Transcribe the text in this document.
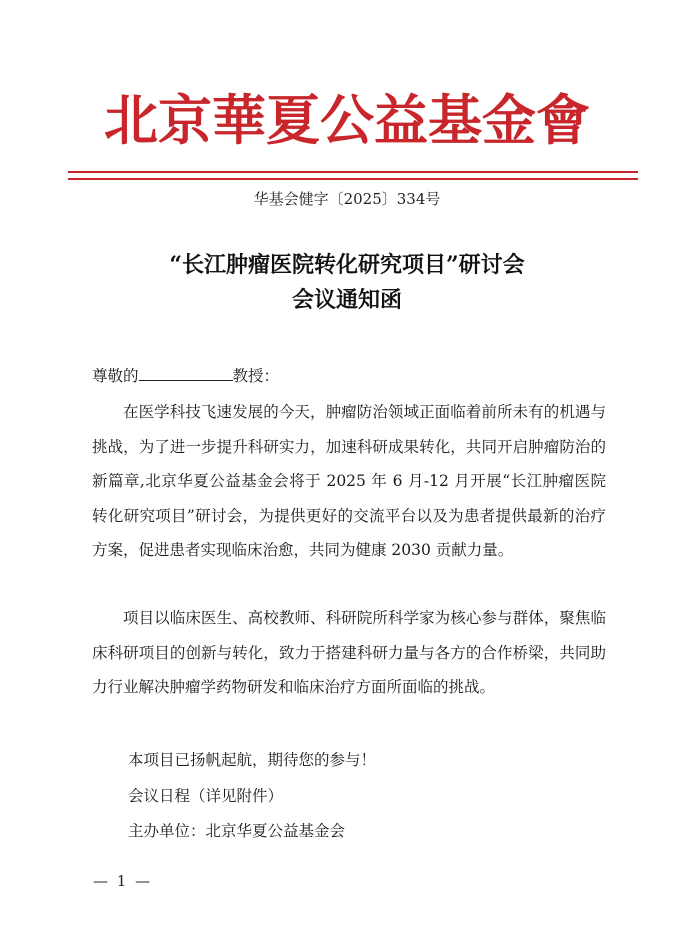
北京華夏公益基金會
华基会健字〔2025〕334号
“长江肿瘤医院转化研究项目”研讨会
会议通知函
尊敬的	教授：

在医学科技飞速发展的今天，肿瘤防治领域正面临着前所未有的机遇与挑战，为了进一步提升科研实力，加速科研成果转化，共同开启肿瘤防治的新篇章,北京华夏公益基金会将于 2025 年 6 月-12 月开展“长江肿瘤医院转化研究项目”研讨会，为提供更好的交流平台以及为患者提供最新的治疗方案，促进患者实现临床治愈，共同为健康 2030 贡献力量。

项目以临床医生、高校教师、科研院所科学家为核心参与群体，聚焦临床科研项目的创新与转化，致力于搭建科研力量与各方的合作桥梁，共同助力行业解决肿瘤学药物研发和临床治疗方面所面临的挑战。

本项目已扬帆起航，期待您的参与！
会议日程（详见附件）
主办单位：北京华夏公益基金会
— 1 —
